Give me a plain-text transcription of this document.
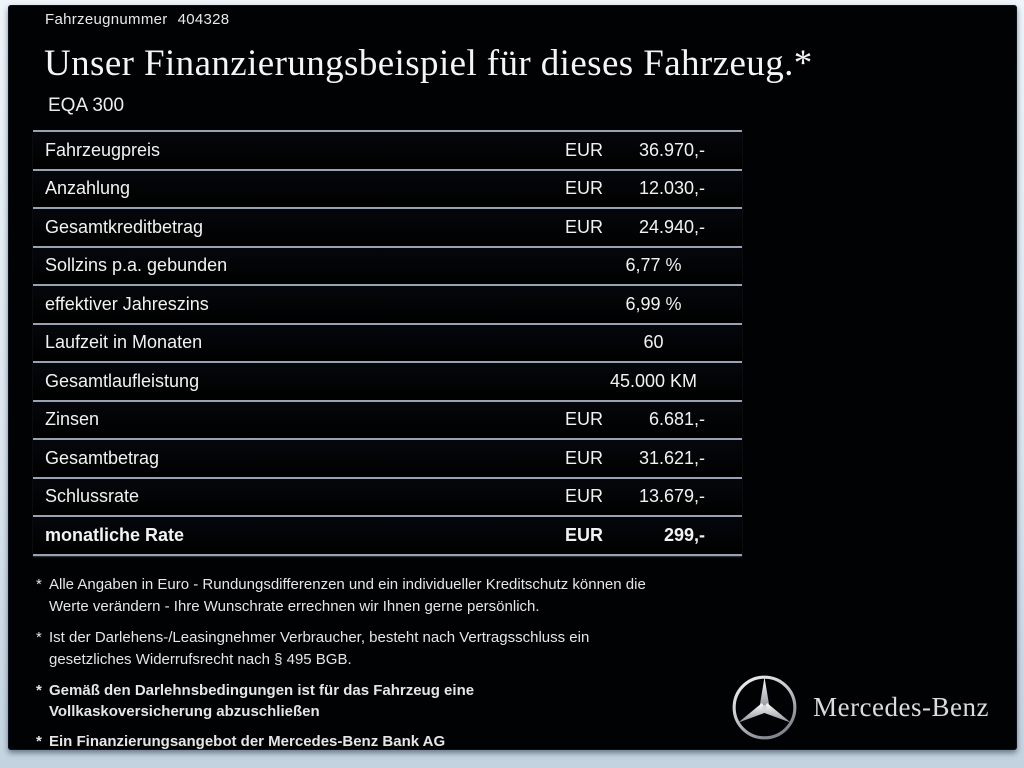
Fahrzeugnummer 404328
Unser Finanzierungsbeispiel für dieses Fahrzeug.*
EQA 300
Fahrzeugpreis	EUR 36.970,-
Anzahlung	EUR 12.030,-
Gesamtkreditbetrag	EUR 24.940,-
Sollzins p.a. gebunden	6,77 %
effektiver Jahreszins	6,99 %
Laufzeit in Monaten	60
Gesamtlaufleistung	45.000 KM
Zinsen	EUR	6.681,-
Gesamtbetrag	EUR 31.621,-
Schlussrate	EUR 13.679,-
monatliche Rate	EUR	299,-
* Alle Angaben in Euro - Rundungsdifferenzen und ein individueller Kreditschutz können die
Werte verändern - Ihre Wunschrate errechnen wir Ihnen gerne persönlich.
* Ist der Darlehens-/Leasingnehmer Verbraucher, besteht nach Vertragsschluss ein
gesetzliches Widerrufsrecht nach § 495 BGB.
* Gemäß den Darlehnsbedingungen ist für das Fahrzeug eine
Vollkaskoversicherung abzuschließen
* Ein Finanzierungsangebot der Mercedes-Benz Bank AG
Mercedes-Benz
